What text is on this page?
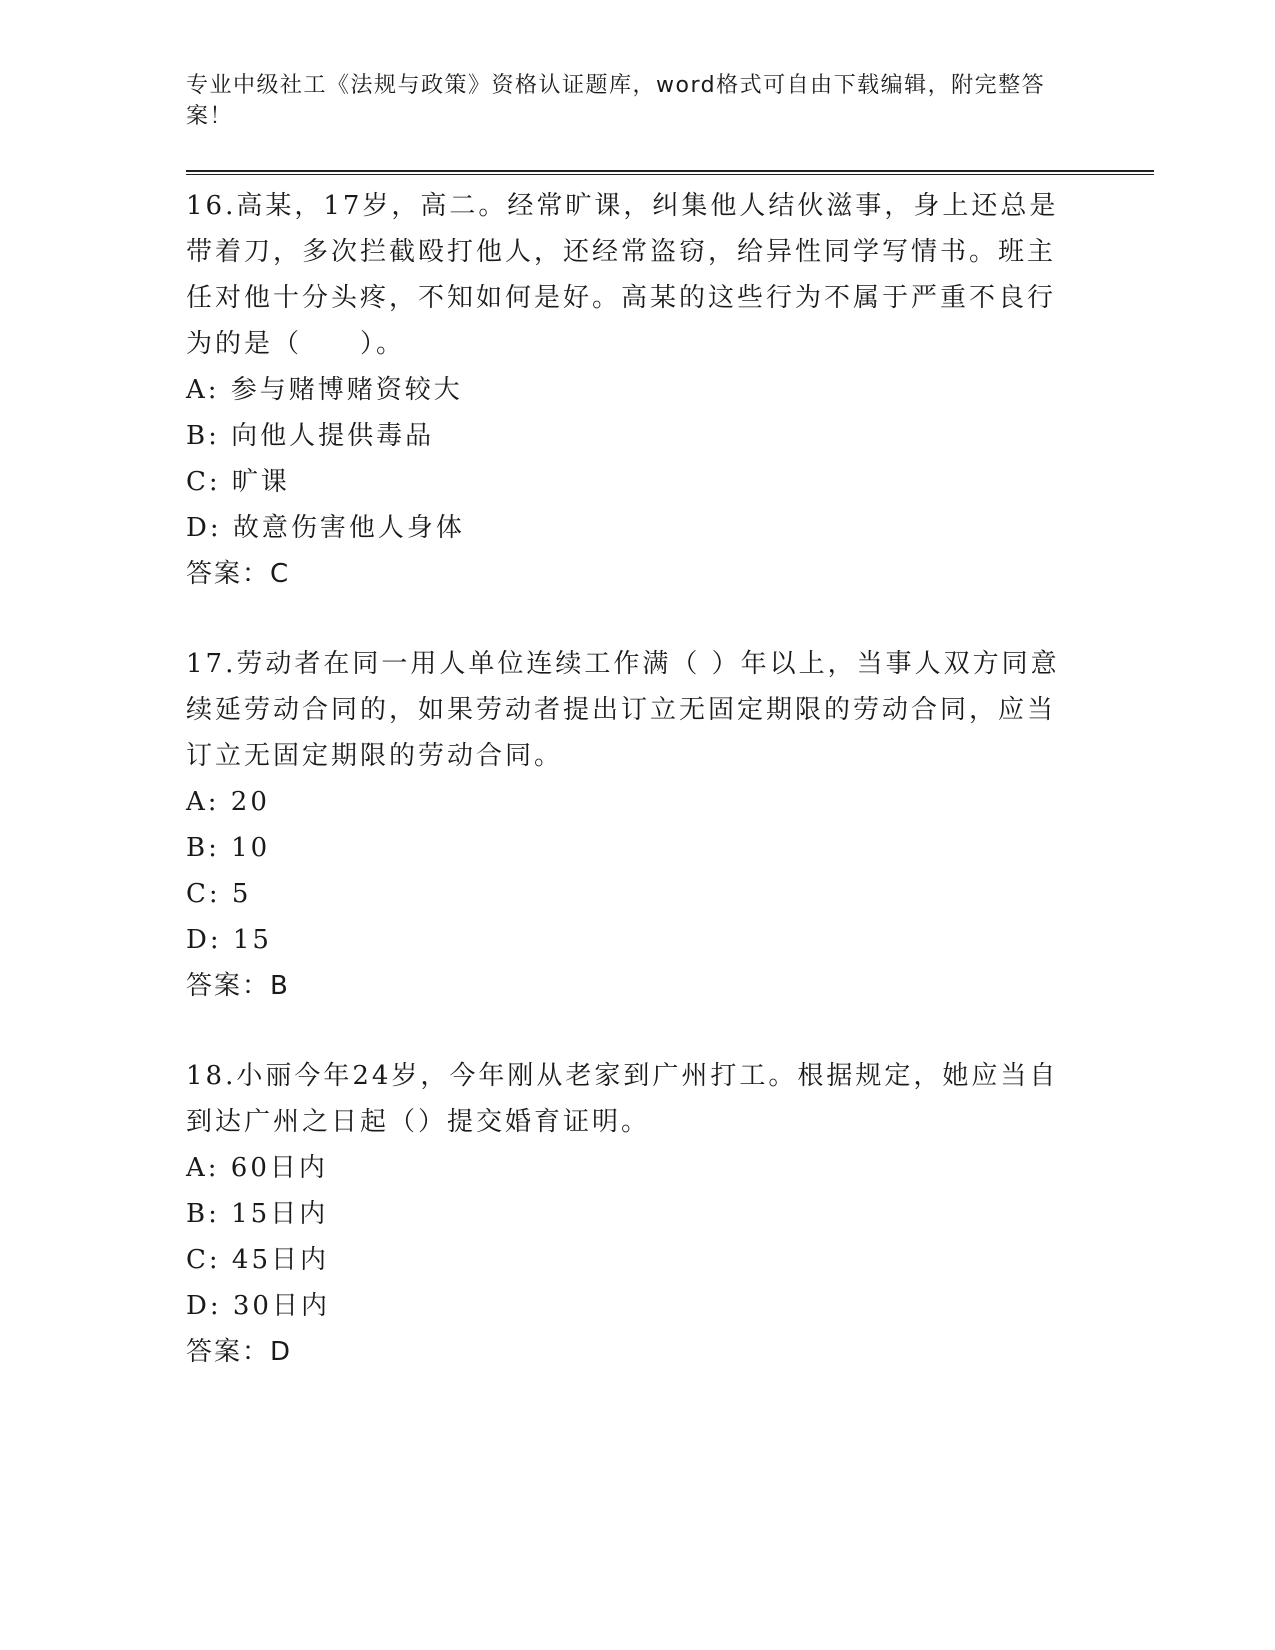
专业中级社工《法规与政策》资格认证题库，word格式可自由下载编辑，附完整答案！

16.高某，17岁，高二。经常旷课，纠集他人结伙滋事，身上还总是带着刀，多次拦截殴打他人，还经常盗窃，给异性同学写情书。班主任对他十分头疼，不知如何是好。高某的这些行为不属于严重不良行为的是（　　）。

A: 参与赌博赌资较大

B: 向他人提供毒品

C: 旷课

D: 故意伤害他人身体

答案：C

17.劳动者在同一用人单位连续工作满（ ）年以上，当事人双方同意续延劳动合同的，如果劳动者提出订立无固定期限的劳动合同，应当订立无固定期限的劳动合同。

A: 20

B: 10

C: 5

D: 15

答案：B

18.小丽今年24岁，今年刚从老家到广州打工。根据规定，她应当自到达广州之日起（）提交婚育证明。

A: 60日内

B: 15日内

C: 45日内

D: 30日内

答案：D
